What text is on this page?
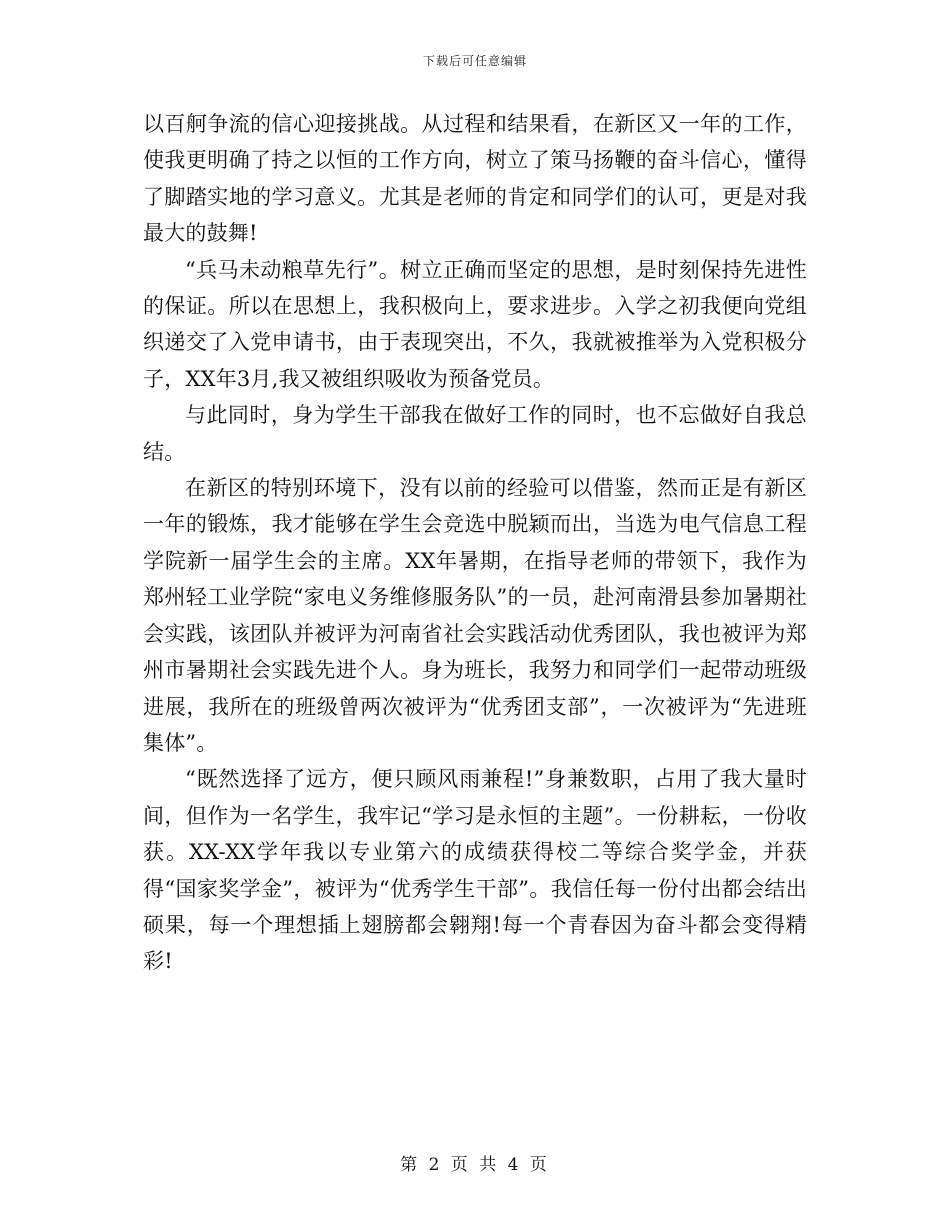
下载后可任意编辑

以百舸争流的信心迎接挑战。从过程和结果看，在新区又一年的工作，使我更明确了持之以恒的工作方向，树立了策马扬鞭的奋斗信心，懂得了脚踏实地的学习意义。尤其是老师的肯定和同学们的认可，更是对我最大的鼓舞!

“兵马未动粮草先行”。树立正确而坚定的思想，是时刻保持先进性的保证。所以在思想上，我积极向上，要求进步。入学之初我便向党组织递交了入党申请书，由于表现突出，不久，我就被推举为入党积极分子，XX年3月,我又被组织吸收为预备党员。

与此同时，身为学生干部我在做好工作的同时，也不忘做好自我总结。

在新区的特别环境下，没有以前的经验可以借鉴，然而正是有新区一年的锻炼，我才能够在学生会竞选中脱颖而出，当选为电气信息工程学院新一届学生会的主席。XX年暑期，在指导老师的带领下，我作为郑州轻工业学院“家电义务维修服务队”的一员，赴河南滑县参加暑期社会实践，该团队并被评为河南省社会实践活动优秀团队，我也被评为郑州市暑期社会实践先进个人。身为班长，我努力和同学们一起带动班级进展，我所在的班级曾两次被评为“优秀团支部”，一次被评为“先进班集体”。

“既然选择了远方，便只顾风雨兼程!”身兼数职，占用了我大量时间，但作为一名学生，我牢记“学习是永恒的主题”。一份耕耘，一份收获。XX-XX学年我以专业第六的成绩获得校二等综合奖学金，并获得“国家奖学金”，被评为“优秀学生干部”。我信任每一份付出都会结出硕果，每一个理想插上翅膀都会翱翔!每一个青春因为奋斗都会变得精彩!

第 2 页 共 4 页
